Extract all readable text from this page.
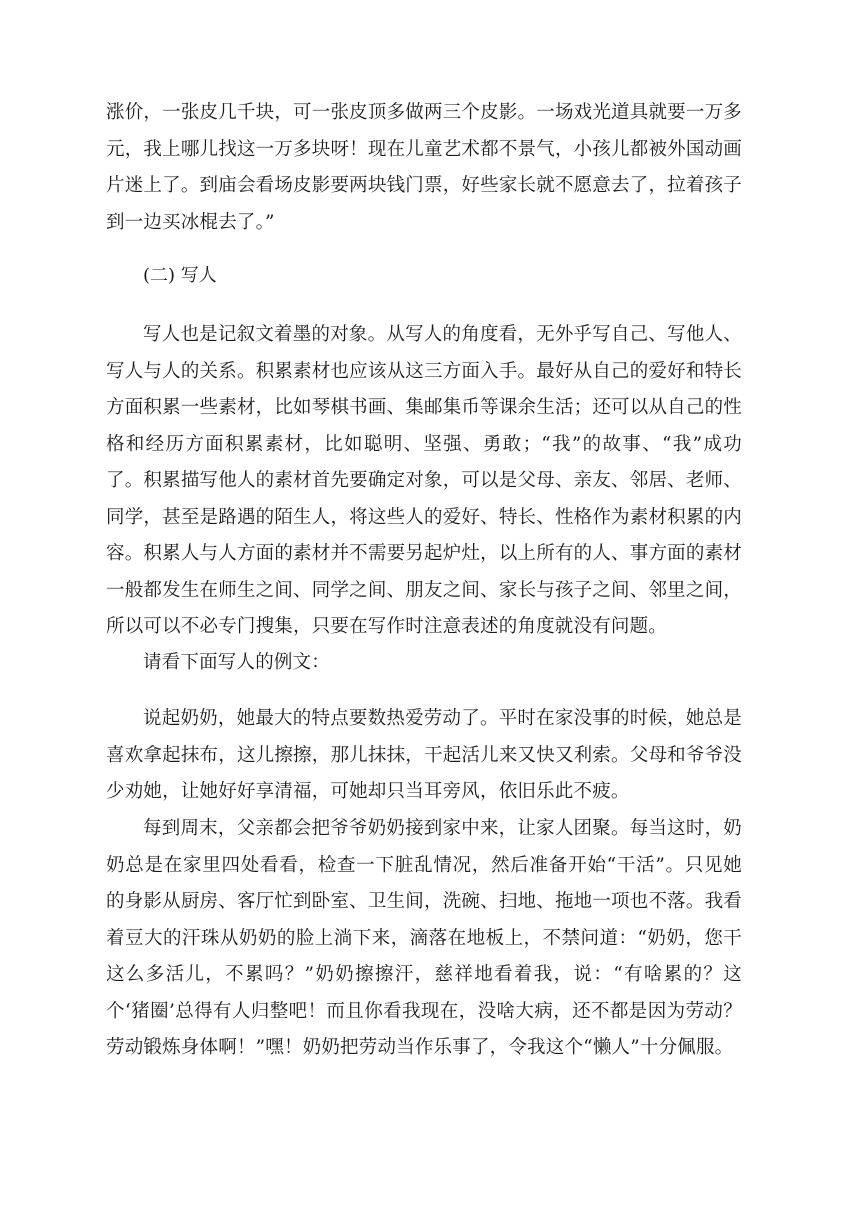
涨价，一张皮几千块，可一张皮顶多做两三个皮影。一场戏光道具就要一万多元，我上哪儿找这一万多块呀！现在儿童艺术都不景气，小孩儿都被外国动画片迷上了。到庙会看场皮影要两块钱门票，好些家长就不愿意去了，拉着孩子到一边买冰棍去了。”

(二) 写人

写人也是记叙文着墨的对象。从写人的角度看，无外乎写自己、写他人、写人与人的关系。积累素材也应该从这三方面入手。最好从自己的爱好和特长方面积累一些素材，比如琴棋书画、集邮集币等课余生活；还可以从自己的性格和经历方面积累素材，比如聪明、坚强、勇敢；“我”的故事、“我”成功了。积累描写他人的素材首先要确定对象，可以是父母、亲友、邻居、老师、同学，甚至是路遇的陌生人，将这些人的爱好、特长、性格作为素材积累的内容。积累人与人方面的素材并不需要另起炉灶，以上所有的人、事方面的素材一般都发生在师生之间、同学之间、朋友之间、家长与孩子之间、邻里之间，所以可以不必专门搜集，只要在写作时注意表述的角度就没有问题。

请看下面写人的例文：

说起奶奶，她最大的特点要数热爱劳动了。平时在家没事的时候，她总是喜欢拿起抹布，这儿擦擦，那儿抹抹，干起活儿来又快又利索。父母和爷爷没少劝她，让她好好享清福，可她却只当耳旁风，依旧乐此不疲。

每到周末，父亲都会把爷爷奶奶接到家中来，让家人团聚。每当这时，奶奶总是在家里四处看看，检查一下脏乱情况，然后准备开始“干活”。只见她的身影从厨房、客厅忙到卧室、卫生间，洗碗、扫地、拖地一项也不落。我看着豆大的汗珠从奶奶的脸上淌下来，滴落在地板上，不禁问道：“奶奶，您干这么多活儿，不累吗？”奶奶擦擦汗，慈祥地看着我，说：“有啥累的？这个‘猪圈’总得有人归整吧！而且你看我现在，没啥大病，还不都是因为劳动？劳动锻炼身体啊！”嘿！奶奶把劳动当作乐事了，令我这个“懒人”十分佩服。
